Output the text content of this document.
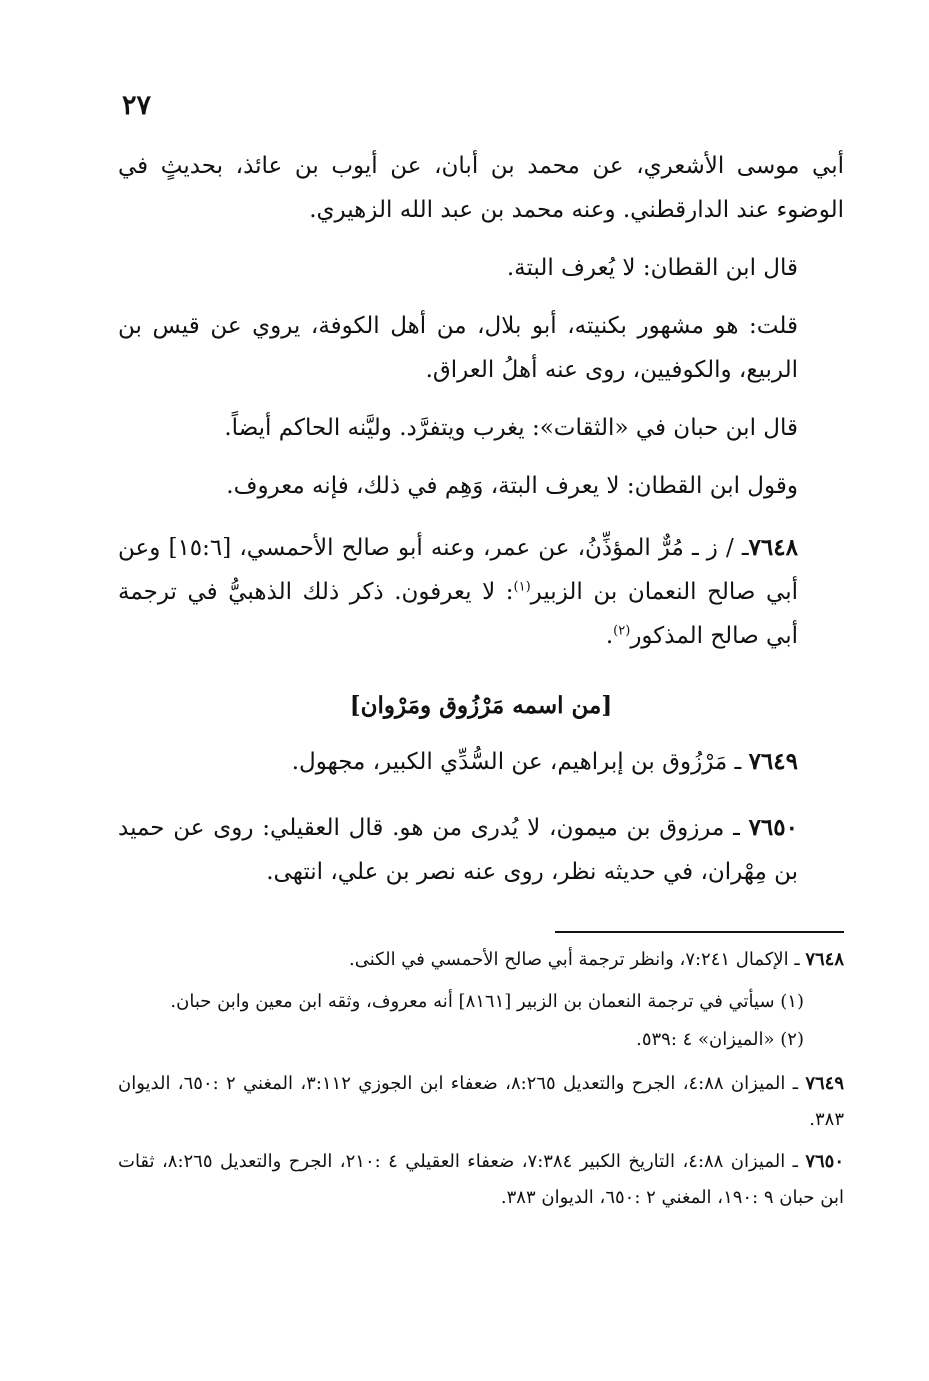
٢٧

أبي موسى الأشعري، عن محمد بن أبان، عن أيوب بن عائذ، بحديثٍ في الوضوء عند الدارقطني. وعنه محمد بن عبد الله الزهيري.

قال ابن القطان: لا يُعرف البتة.

قلت: هو مشهور بكنيته، أبو بلال، من أهل الكوفة، يروي عن قيس بن الربيع، والكوفيين، روى عنه أهلُ العراق.

قال ابن حبان في «الثقات»: يغرب ويتفرَّد. وليَّنه الحاكم أيضاً.

وقول ابن القطان: لا يعرف البتة، وَهِم في ذلك، فإنه معروف.

٧٦٤٨ـ / ز ـ مُرٌّ المؤذِّنُ، عن عمر، وعنه أبو صالح الأحمسي، [١٥:٦] وعن أبي صالح النعمان بن الزبير$^{(١)}$: لا يعرفون. ذكر ذلك الذهبيُّ في ترجمة أبي صالح المذكور$^{(٢)}$.

[من اسمه مَرْزُوق ومَرْوان]

٧٦٤٩ ـ مَرْزُوق بن إبراهيم، عن السُّدِّي الكبير، مجهول.

٧٦٥٠ ـ مرزوق بن ميمون، لا يُدرى من هو. قال العقيلي: روى عن حميد بن مِهْران، في حديثه نظر، روى عنه نصر بن علي، انتهى.

٧٦٤٨ ـ الإكمال ٧:٢٤١، وانظر ترجمة أبي صالح الأحمسي في الكنى.

(١) سيأتي في ترجمة النعمان بن الزبير [٨١٦١] أنه معروف، وثقه ابن معين وابن حبان.

(٢) «الميزان» ٤ :٥٣٩.

٧٦٤٩ ـ الميزان ٤:٨٨، الجرح والتعديل ٨:٢٦٥، ضعفاء ابن الجوزي ٣:١١٢، المغني ٢ :٦٥٠، الديوان ٣٨٣.

٧٦٥٠ ـ الميزان ٤:٨٨، التاريخ الكبير ٧:٣٨٤، ضعفاء العقيلي ٤ :٢١٠، الجرح والتعديل ٨:٢٦٥، ثقات ابن حبان ٩ :١٩٠، المغني ٢ :٦٥٠، الديوان ٣٨٣.
